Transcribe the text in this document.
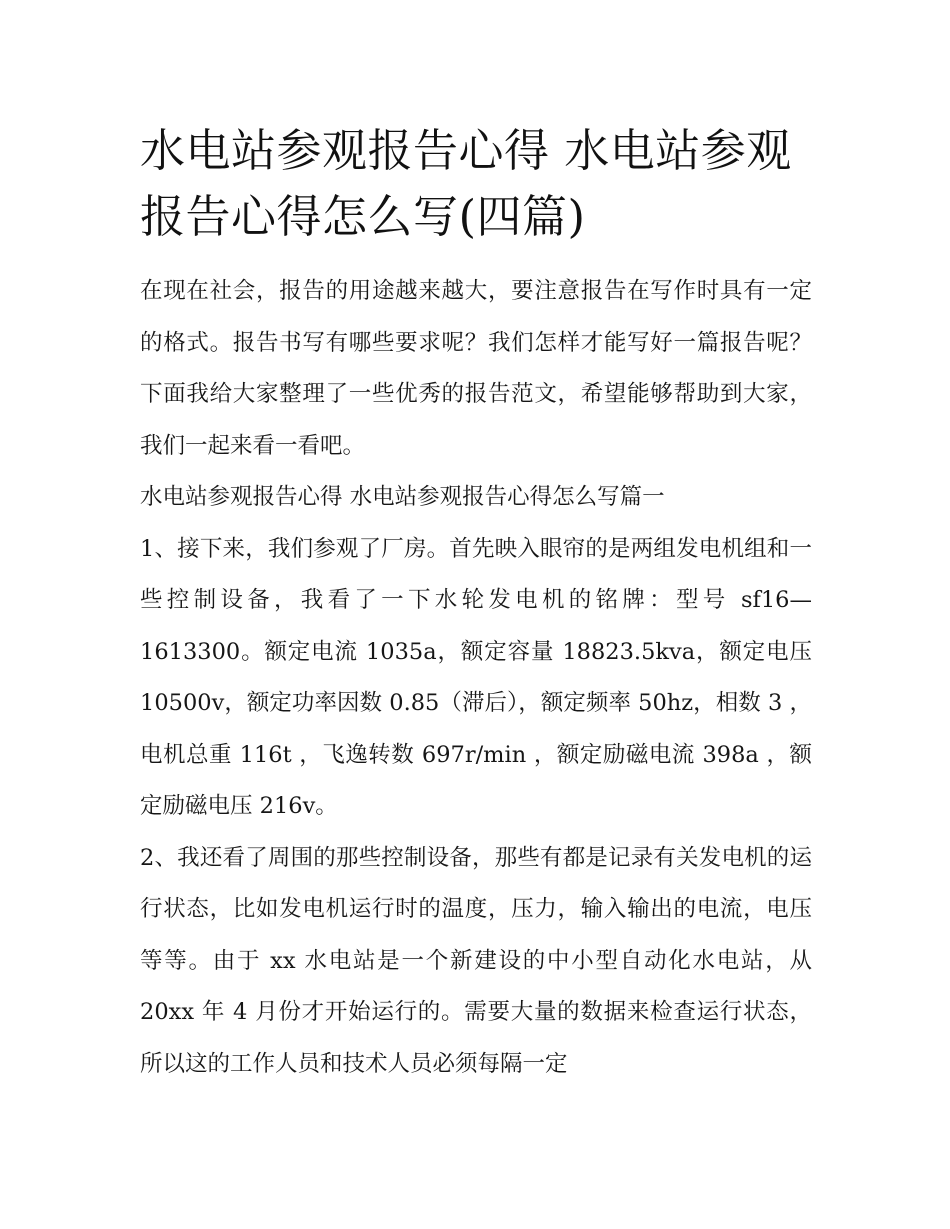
水电站参观报告心得 水电站参观报告心得怎么写(四篇)

在现在社会，报告的用途越来越大，要注意报告在写作时具有一定的格式。报告书写有哪些要求呢？我们怎样才能写好一篇报告呢？下面我给大家整理了一些优秀的报告范文，希望能够帮助到大家，我们一起来看一看吧。

水电站参观报告心得 水电站参观报告心得怎么写篇一

1、接下来，我们参观了厂房。首先映入眼帘的是两组发电机组和一些控制设备，我看了一下水轮发电机的铭牌：型号 sf16—1613300。额定电流 1035a，额定容量 18823.5kva，额定电压 10500v，额定功率因数 0.85（滞后），额定频率 50hz，相数 3 ，电机总重 116t ，飞逸转数 697r/min ，额定励磁电流 398a ，额定励磁电压 216v。

2、我还看了周围的那些控制设备，那些有都是记录有关发电机的运行状态，比如发电机运行时的温度，压力，输入输出的电流，电压等等。由于 xx 水电站是一个新建设的中小型自动化水电站，从 20xx 年 4 月份才开始运行的。需要大量的数据来检查运行状态，所以这的工作人员和技术人员必须每隔一定
